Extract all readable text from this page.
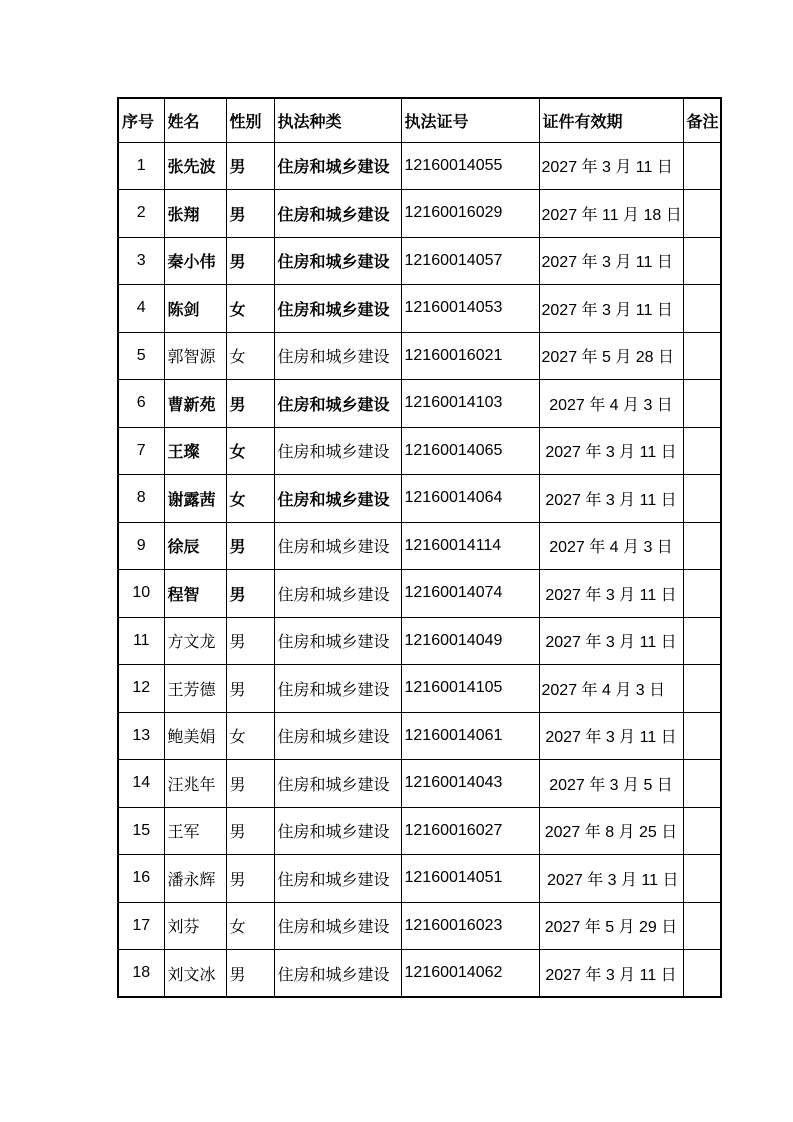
序号	姓名	性别	执法种类	执法证号	证件有效期	备注
1	张先波	男	住房和城乡建设	12160014055	2027 年 3 月 11 日	
2	张翔	男	住房和城乡建设	12160016029	2027 年 11 月 18 日	
3	秦小伟	男	住房和城乡建设	12160014057	2027 年 3 月 11 日	
4	陈剑	女	住房和城乡建设	12160014053	2027 年 3 月 11 日	
5	郭智源	女	住房和城乡建设	12160016021	2027 年 5 月 28 日	
6	曹新苑	男	住房和城乡建设	12160014103	2027 年 4 月 3 日	
7	王璨	女	住房和城乡建设	12160014065	2027 年 3 月 11 日	
8	谢露茜	女	住房和城乡建设	12160014064	2027 年 3 月 11 日	
9	徐辰	男	住房和城乡建设	12160014114	2027 年 4 月 3 日	
10	程智	男	住房和城乡建设	12160014074	2027 年 3 月 11 日	
11	方文龙	男	住房和城乡建设	12160014049	2027 年 3 月 11 日	
12	王芳德	男	住房和城乡建设	12160014105	2027 年 4 月 3 日	
13	鲍美娟	女	住房和城乡建设	12160014061	2027 年 3 月 11 日	
14	汪兆年	男	住房和城乡建设	12160014043	2027 年 3 月 5 日	
15	王军	男	住房和城乡建设	12160016027	2027 年 8 月 25 日	
16	潘永辉	男	住房和城乡建设	12160014051	2027 年 3 月 11 日	
17	刘芬	女	住房和城乡建设	12160016023	2027 年 5 月 29 日	
18	刘文冰	男	住房和城乡建设	12160014062	2027 年 3 月 11 日	
